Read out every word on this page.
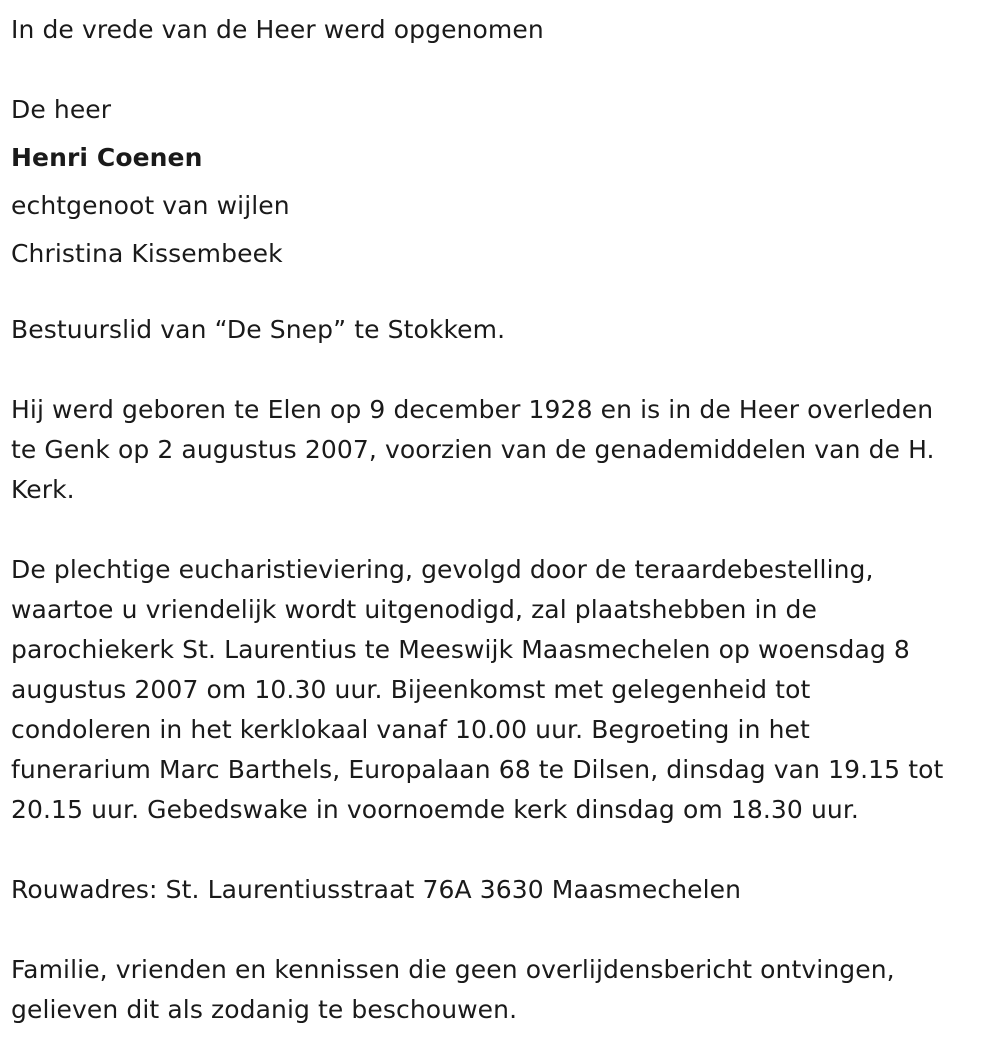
In de vrede van de Heer werd opgenomen
De heer
Henri Coenen
echtgenoot van wijlen
Christina Kissembeek
Bestuurslid van “De Snep” te Stokkem.
Hij werd geboren te Elen op 9 december 1928 en is in de Heer overleden
te Genk op 2 augustus 2007, voorzien van de genademiddelen van de H.
Kerk.
De plechtige eucharistieviering, gevolgd door de teraardebestelling,
waartoe u vriendelijk wordt uitgenodigd, zal plaatshebben in de
parochiekerk St. Laurentius te Meeswijk Maasmechelen op woensdag 8
augustus 2007 om 10.30 uur. Bijeenkomst met gelegenheid tot
condoleren in het kerklokaal vanaf 10.00 uur. Begroeting in het
funerarium Marc Barthels, Europalaan 68 te Dilsen, dinsdag van 19.15 tot
20.15 uur. Gebedswake in voornoemde kerk dinsdag om 18.30 uur.
Rouwadres: St. Laurentiusstraat 76A 3630 Maasmechelen
Familie, vrienden en kennissen die geen overlijdensbericht ontvingen,
gelieven dit als zodanig te beschouwen.
